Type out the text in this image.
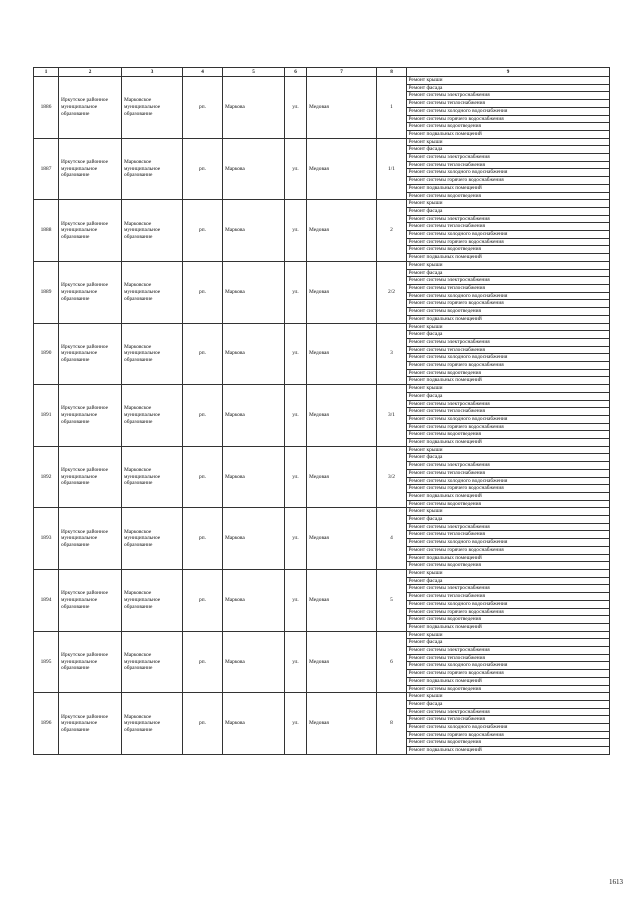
1	2	3	4	5	6	7	8	9
1886	Иркутское районное муниципальное образование	Марковское муниципальное образование	рп.	Маркова	ул.	Медовая	1	Ремонт крыши
								Ремонт фасада
								Ремонт системы электроснабжения
								Ремонт системы теплоснабжения
								Ремонт системы холодного водоснабжения
								Ремонт системы горячего водоснабжения
								Ремонт системы водоотведения
								Ремонт подвальных помещений
1887	Иркутское районное муниципальное образование	Марковское муниципальное образование	рп.	Маркова	ул.	Медовая	1/1	Ремонт крыши
								Ремонт фасада
								Ремонт системы электроснабжения
								Ремонт системы теплоснабжения
								Ремонт системы холодного водоснабжения
								Ремонт системы горячего водоснабжения
								Ремонт подвальных помещений
								Ремонт системы водоотведения
1888	Иркутское районное муниципальное образование	Марковское муниципальное образование	рп.	Маркова	ул.	Медовая	2	Ремонт крыши
								Ремонт фасада
								Ремонт системы электроснабжения
								Ремонт системы теплоснабжения
								Ремонт системы холодного водоснабжения
								Ремонт системы горячего водоснабжения
								Ремонт системы водоотведения
								Ремонт подвальных помещений
1889	Иркутское районное муниципальное образование	Марковское муниципальное образование	рп.	Маркова	ул.	Медовая	2/2	Ремонт крыши
								Ремонт фасада
								Ремонт системы электроснабжения
								Ремонт системы теплоснабжения
								Ремонт системы холодного водоснабжения
								Ремонт системы горячего водоснабжения
								Ремонт системы водоотведения
								Ремонт подвальных помещений
1890	Иркутское районное муниципальное образование	Марковское муниципальное образование	рп.	Маркова	ул.	Медовая	3	Ремонт крыши
								Ремонт фасада
								Ремонт системы электроснабжения
								Ремонт системы теплоснабжения
								Ремонт системы холодного водоснабжения
								Ремонт системы горячего водоснабжения
								Ремонт системы водоотведения
								Ремонт подвальных помещений
1891	Иркутское районное муниципальное образование	Марковское муниципальное образование	рп.	Маркова	ул.	Медовая	3/1	Ремонт крыши
								Ремонт фасада
								Ремонт системы электроснабжения
								Ремонт системы теплоснабжения
								Ремонт системы холодного водоснабжения
								Ремонт системы горячего водоснабжения
								Ремонт системы водоотведения
								Ремонт подвальных помещений
1892	Иркутское районное муниципальное образование	Марковское муниципальное образование	рп.	Маркова	ул.	Медовая	3/2	Ремонт крыши
								Ремонт фасада
								Ремонт системы электроснабжения
								Ремонт системы теплоснабжения
								Ремонт системы холодного водоснабжения
								Ремонт системы горячего водоснабжения
								Ремонт подвальных помещений
								Ремонт системы водоотведения
1893	Иркутское районное муниципальное образование	Марковское муниципальное образование	рп.	Маркова	ул.	Медовая	4	Ремонт крыши
								Ремонт фасада
								Ремонт системы электроснабжения
								Ремонт системы теплоснабжения
								Ремонт системы холодного водоснабжения
								Ремонт системы горячего водоснабжения
								Ремонт подвальных помещений
								Ремонт системы водоотведения
1894	Иркутское районное муниципальное образование	Марковское муниципальное образование	рп.	Маркова	ул.	Медовая	5	Ремонт крыши
								Ремонт фасада
								Ремонт системы электроснабжения
								Ремонт системы теплоснабжения
								Ремонт системы холодного водоснабжения
								Ремонт системы горячего водоснабжения
								Ремонт системы водоотведения
								Ремонт подвальных помещений
1895	Иркутское районное муниципальное образование	Марковское муниципальное образование	рп.	Маркова	ул.	Медовая	6	Ремонт крыши
								Ремонт фасада
								Ремонт системы электроснабжения
								Ремонт системы теплоснабжения
								Ремонт системы холодного водоснабжения
								Ремонт системы горячего водоснабжения
								Ремонт подвальных помещений
								Ремонт системы водоотведения
1896	Иркутское районное муниципальное образование	Марковское муниципальное образование	рп.	Маркова	ул.	Медовая	8	Ремонт крыши
								Ремонт фасада
								Ремонт системы электроснабжения
								Ремонт системы теплоснабжения
								Ремонт системы холодного водоснабжения
								Ремонт системы горячего водоснабжения
								Ремонт системы водоотведения
								Ремонт подвальных помещений
1613
